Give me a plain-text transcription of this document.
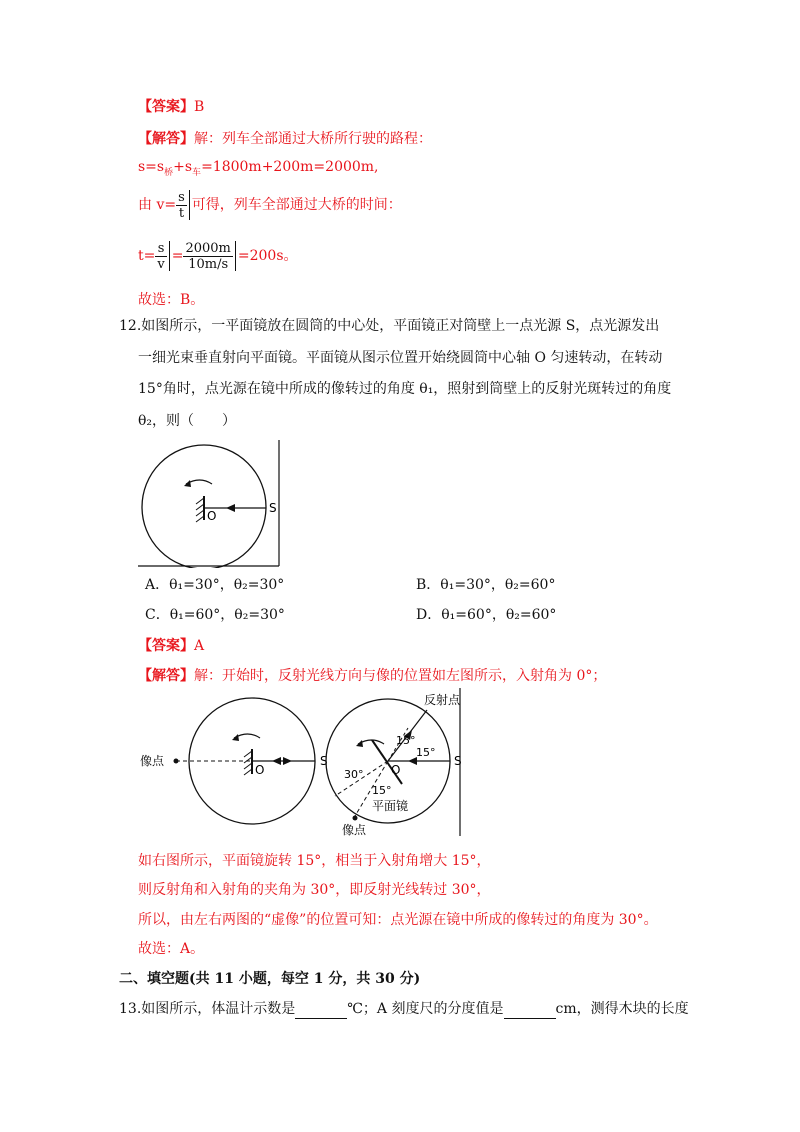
【答案】B
【解答】解：列车全部通过大桥所行驶的路程：
$s=s_桥+s_车=1800m+200m=2000m$,
由 $v= \frac{s}{t}$ 可得，列车全部通过大桥的时间：
$t= \frac{s}{v} = \frac{2000m}{10m/s} =200s$。
故选：B。
12.如图所示，一平面镜放在圆筒的中心处，平面镜正对筒壁上一点光源 S，点光源发出
一细光束垂直射向平面镜。平面镜从图示位置开始绕圆筒中心轴 O 匀速转动，在转动
15°角时，点光源在镜中所成的像转过的角度 θ₁，照射到筒壁上的反射光斑转过的角度
θ₂，则（　　）
O
S
A．θ₁=30°，θ₂=30°	B．θ₁=30°，θ₂=60°
C．θ₁=60°，θ₂=30°	D．θ₁=60°，θ₂=60°
【答案】A
【解答】解：开始时，反射光线方向与像的位置如左图所示，入射角为 0°；
像点
O
S
反射点
15°
15°
30°
15°
平面镜
像点
O
S
如右图所示，平面镜旋转 15°，相当于入射角增大 15°，
则反射角和入射角的夹角为 30°，即反射光线转过 30°，
所以，由左右两图的“虚像”的位置可知：点光源在镜中所成的像转过的角度为 30°。
故选：A。
二、填空题(共 11 小题，每空 1 分，共 30 分)
13.如图所示，体温计示数是	℃；A 刻度尺的分度值是	cm，测得木块的长度
